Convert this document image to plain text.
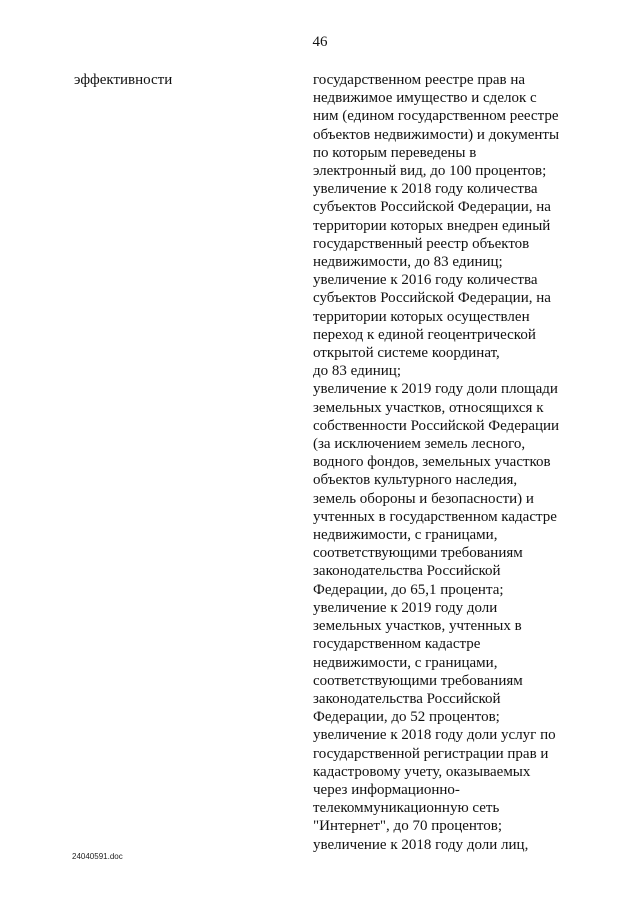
46
эффективности	государственном реестре прав на
недвижимое имущество и сделок с
ним (едином государственном реестре
объектов недвижимости) и документы
по которым переведены в
электронный вид, до 100 процентов;
увеличение к 2018 году количества
субъектов Российской Федерации, на
территории которых внедрен единый
государственный реестр объектов
недвижимости, до 83 единиц;
увеличение к 2016 году количества
субъектов Российской Федерации, на
территории которых осуществлен
переход к единой геоцентрической
открытой системе координат,
до 83 единиц;
увеличение к 2019 году доли площади
земельных участков, относящихся к
собственности Российской Федерации
(за исключением земель лесного,
водного фондов, земельных участков
объектов культурного наследия,
земель обороны и безопасности) и
учтенных в государственном кадастре
недвижимости, с границами,
соответствующими требованиям
законодательства Российской
Федерации, до 65,1 процента;
увеличение к 2019 году доли
земельных участков, учтенных в
государственном кадастре
недвижимости, с границами,
соответствующими требованиям
законодательства Российской
Федерации, до 52 процентов;
увеличение к 2018 году доли услуг по
государственной регистрации прав и
кадастровому учету, оказываемых
через информационно-
телекоммуникационную сеть
"Интернет", до 70 процентов;
увеличение к 2018 году доли лиц,
24040591.doc
